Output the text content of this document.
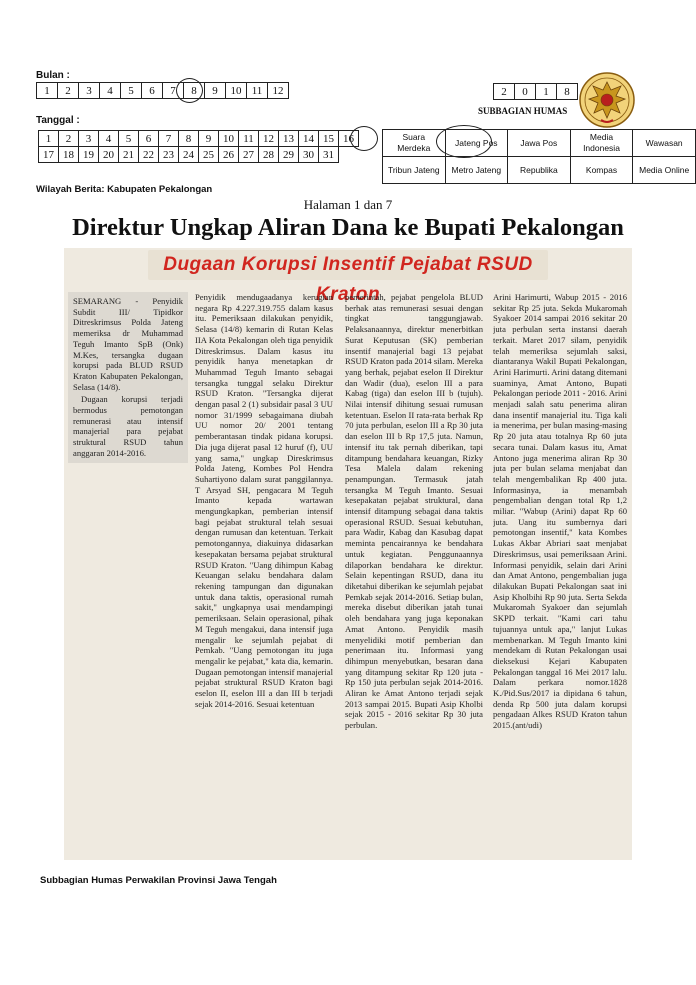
Bulan :
1	2	3	4	5	6	7	8	9	10	11	12
Tanggal :
1	2	3	4	5	6	7	8	9	10	11	12	13	14	15	16
17	18	19	20	21	22	23	24	25	26	27	28	29	30	31	
Wilayah Berita: Kabupaten Pekalongan
2	0	1	8
SUBBAGIAN HUMAS
Suara Merdeka	Jateng Pos	Jawa Pos	Media Indonesia	Wawasan
Tribun Jateng	Metro Jateng	Republika	Kompas	Media Online
Halaman 1 dan 7
Direktur Ungkap Aliran Dana ke Bupati Pekalongan
Dugaan Korupsi Insentif Pejabat RSUD Kraton

SEMARANG - Penyidik Subdit III/ Tipidkor Ditreskrimsus Polda Jateng memeriksa dr Muhammad Teguh Imanto SpB (Onk) M.Kes, tersangka dugaan korupsi pada BLUD RSUD Kraton Kabupaten Pekalongan, Selasa (14/8).

Dugaan korupsi terjadi bermodus pemotongan remunerasi atau intensif manajerial para pejabat struktural RSUD tahun anggaran 2014-2016.

Penyidik mendugaadanya kerugian negara Rp 4.227.319.755 dalam kasus itu. Pemeriksaan dilakukan penyidik, Selasa (14/8) kemarin di Rutan Kelas IIA Kota Pekalongan oleh tiga penyidik Ditreskrimsus. Dalam kasus itu penyidik hanya menetapkan dr Muhammad Teguh Imanto sebagai tersangka tunggal selaku Direktur RSUD Kraton. "Tersangka dijerat dengan pasal 2 (1) subsidair pasal 3 UU nomor 31/1999 sebagaimana diubah UU nomor 20/ 2001 tentang pemberantasan tindak pidana korupsi. Dia juga dijerat pasal 12 huruf (f), UU yang sama," ungkap Direskrimsus Polda Jateng, Kombes Pol Hendra Suhartiyono dalam surat panggilannya. T Arsyad SH, pengacara M Teguh Imanto kepada wartawan mengungkapkan, pemberian intensif bagi pejabat struktural telah sesuai dengan rumusan dan ketentuan. Terkait pemotongannya, diakuinya didasarkan kesepakatan bersama pejabat struktural RSUD Kraton. "Uang dihimpun Kabag Keuangan selaku bendahara dalam rekening tampungan dan digunakan untuk dana taktis, operasional rumah sakit," ungkapnya usai mendampingi pemeriksaan. Selain operasional, pihak M Teguh mengakui, dana intensif juga mengalir ke sejumlah pejabat di Pemkab. "Uang pemotongan itu juga mengalir ke pejabat," kata dia, kemarin. Dugaan pemotongan intensif manajerial pejabat struktural RSUD Kraton bagi eselon II, eselon III a dan III b terjadi sejak 2014-2016. Sesuai ketentuan

pemerintah, pejabat pengelola BLUD berhak atas remunerasi sesuai dengan tingkat tanggungjawab. Pelaksanaannya, direktur menerbitkan Surat Keputusan (SK) pemberian insentif manajerial bagi 13 pejabat RSUD Kraton pada 2014 silam. Mereka yang berhak, pejabat eselon II Direktur dan Wadir (dua), eselon III a para Kabag (tiga) dan eselon III b (tujuh). Nilai intensif dihitung sesuai rumusan ketentuan. Eselon II rata-rata berhak Rp 70 juta perbulan, eselon III a Rp 30 juta dan eselon III b Rp 17,5 juta. Namun, intensif itu tak pernah diberikan, tapi ditampung bendahara keuangan, Rizky Tesa Malela dalam rekening penampungan. Termasuk jatah tersangka M Teguh Imanto. Sesuai kesepakatan pejabat struktural, dana intensif ditampung sebagai dana taktis operasional RSUD. Sesuai kebutuhan, para Wadir, Kabag dan Kasubag dapat meminta pencairannya ke bendahara untuk kegiatan. Penggunaannya dilaporkan bendahara ke direktur. Selain kepentingan RSUD, dana itu diketahui diberikan ke sejumlah pejabat Pemkab sejak 2014-2016. Setiap bulan, mereka disebut diberikan jatah tunai oleh bendahara yang juga keponakan Amat Antono. Penyidik masih menyelidiki motif pemberian dan penerimaan itu. Informasi yang dihimpun menyebutkan, besaran dana yang ditampung sekitar Rp 120 juta - Rp 150 juta perbulan sejak 2014-2016. Aliran ke Amat Antono terjadi sejak 2013 sampai 2015. Bupati Asip Kholbi sejak 2015 - 2016 sekitar Rp 30 juta perbulan.

Arini Harimurti, Wabup 2015 - 2016 sekitar Rp 25 juta. Sekda Mukaromah Syakoer 2014 sampai 2016 sekitar 20 juta perbulan serta instansi daerah terkait. Maret 2017 silam, penyidik telah memeriksa sejumlah saksi, diantaranya Wakil Bupati Pekalongan, Arini Harimurti. Arini datang ditemani suaminya, Amat Antono, Bupati Pekalongan periode 2011 - 2016. Arini menjadi salah satu penerima aliran dana insentif manajerial itu. Tiga kali ia menerima, per bulan masing-masing Rp 20 juta atau totalnya Rp 60 juta secara tunai. Dalam kasus itu, Amat Antono juga menerima aliran Rp 30 juta per bulan selama menjabat dan telah mengembalikan Rp 400 juta. Informasinya, ia menambah pengembalian dengan total Rp 1,2 miliar. "Wabup (Arini) dapat Rp 60 juta. Uang itu sumbernya dari pemotongan insentif," kata Kombes Lukas Akbar Abriari saat menjabat Direskrimsus, usai pemeriksaan Arini. Informasi penyidik, selain dari Arini dan Amat Antono, pengembalian juga dilakukan Bupati Pekalongan saat ini Asip Kholbihi Rp 90 juta. Serta Sekda Mukaromah Syakoer dan sejumlah SKPD terkait. "Kami cari tahu tujuannya untuk apa," lanjut Lukas membenarkan. M Teguh Imanto kini mendekam di Rutan Pekalongan usai dieksekusi Kejari Kabupaten Pekalongan tanggal 16 Mei 2017 lalu. Dalam perkara nomor.1828 K./Pid.Sus/2017 ia dipidana 6 tahun, denda Rp 500 juta dalam korupsi pengadaan Alkes RSUD Kraton tahun 2015.(ant/udi)

Subbagian Humas Perwakilan Provinsi Jawa Tengah
